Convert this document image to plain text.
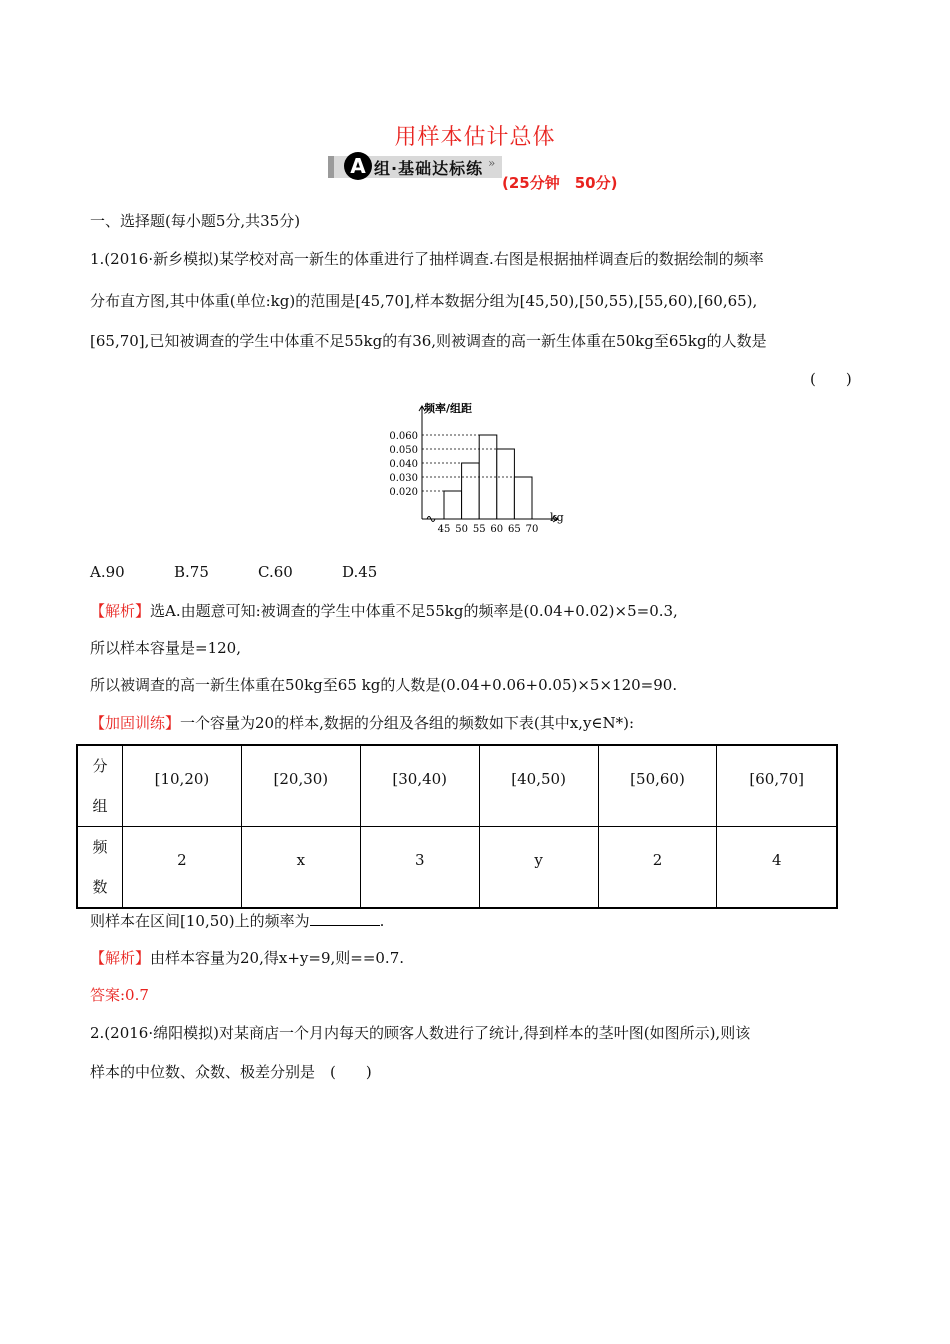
用样本估计总体
A 组·基础达标练 »
(25分钟　50分)
一、选择题(每小题5分,共35分)
1.(2016·新乡模拟)某学校对高一新生的体重进行了抽样调查.右图是根据抽样调查后的数据绘制的频率
分布直方图,其中体重(单位:kg)的范围是[45,70],样本数据分组为[45,50),[50,55),[55,60),[60,65),
[65,70],已知被调查的学生中体重不足55kg的有36,则被调查的高一新生体重在50kg至65kg的人数是
(　　)
0.060
0.050
0.040
0.030
0.020
45 50 55 60 65 70
频率/组距
kg
A.90	B.75	C.60	D.45
【解析】选A.由题意可知:被调查的学生中体重不足55kg的频率是(0.04+0.02)×5=0.3,
所以样本容量是=120,
所以被调查的高一新生体重在50kg至65 kg的人数是(0.04+0.06+0.05)×5×120=90.
【加固训练】一个容量为20的样本,数据的分组及各组的频数如下表(其中x,y∈N*):
分
组	[10,20)	[20,30)	[30,40)	[40,50)	[50,60)	[60,70]
频
数	2	x	3	y	2	4
则样本在区间[10,50)上的频率为	.
【解析】由样本容量为20,得x+y=9,则==0.7.
答案:0.7
2.(2016·绵阳模拟)对某商店一个月内每天的顾客人数进行了统计,得到样本的茎叶图(如图所示),则该
样本的中位数、众数、极差分别是　(　　)
